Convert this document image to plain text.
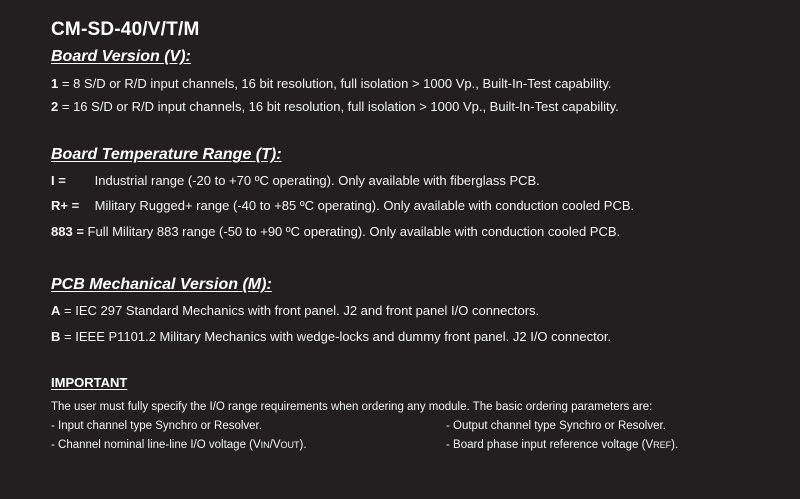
CM-SD-40/V/T/M
Board Version (V):
1 = 8 S/D or R/D input channels, 16 bit resolution, full isolation > 1000 Vp., Built-In-Test capability.
2 = 16 S/D or R/D input channels, 16 bit resolution, full isolation > 1000 Vp., Built-In-Test capability.
Board Temperature Range (T):
I = Industrial range (-20 to +70 ºC operating). Only available with fiberglass PCB.
R+ = Military Rugged+ range (-40 to +85 ºC operating). Only available with conduction cooled PCB.
883 = Full Military 883 range (-50 to +90 ºC operating). Only available with conduction cooled PCB.
PCB Mechanical Version (M):
A = IEC 297 Standard Mechanics with front panel. J2 and front panel I/O connectors.
B = IEEE P1101.2 Military Mechanics with wedge-locks and dummy front panel. J2 I/O connector.
IMPORTANT
The user must fully specify the I/O range requirements when ordering any module. The basic ordering parameters are:
- Input channel type Synchro or Resolver.	- Output channel type Synchro or Resolver.
- Channel nominal line-line I/O voltage (VIN/VOUT).	- Board phase input reference voltage (VREF).
